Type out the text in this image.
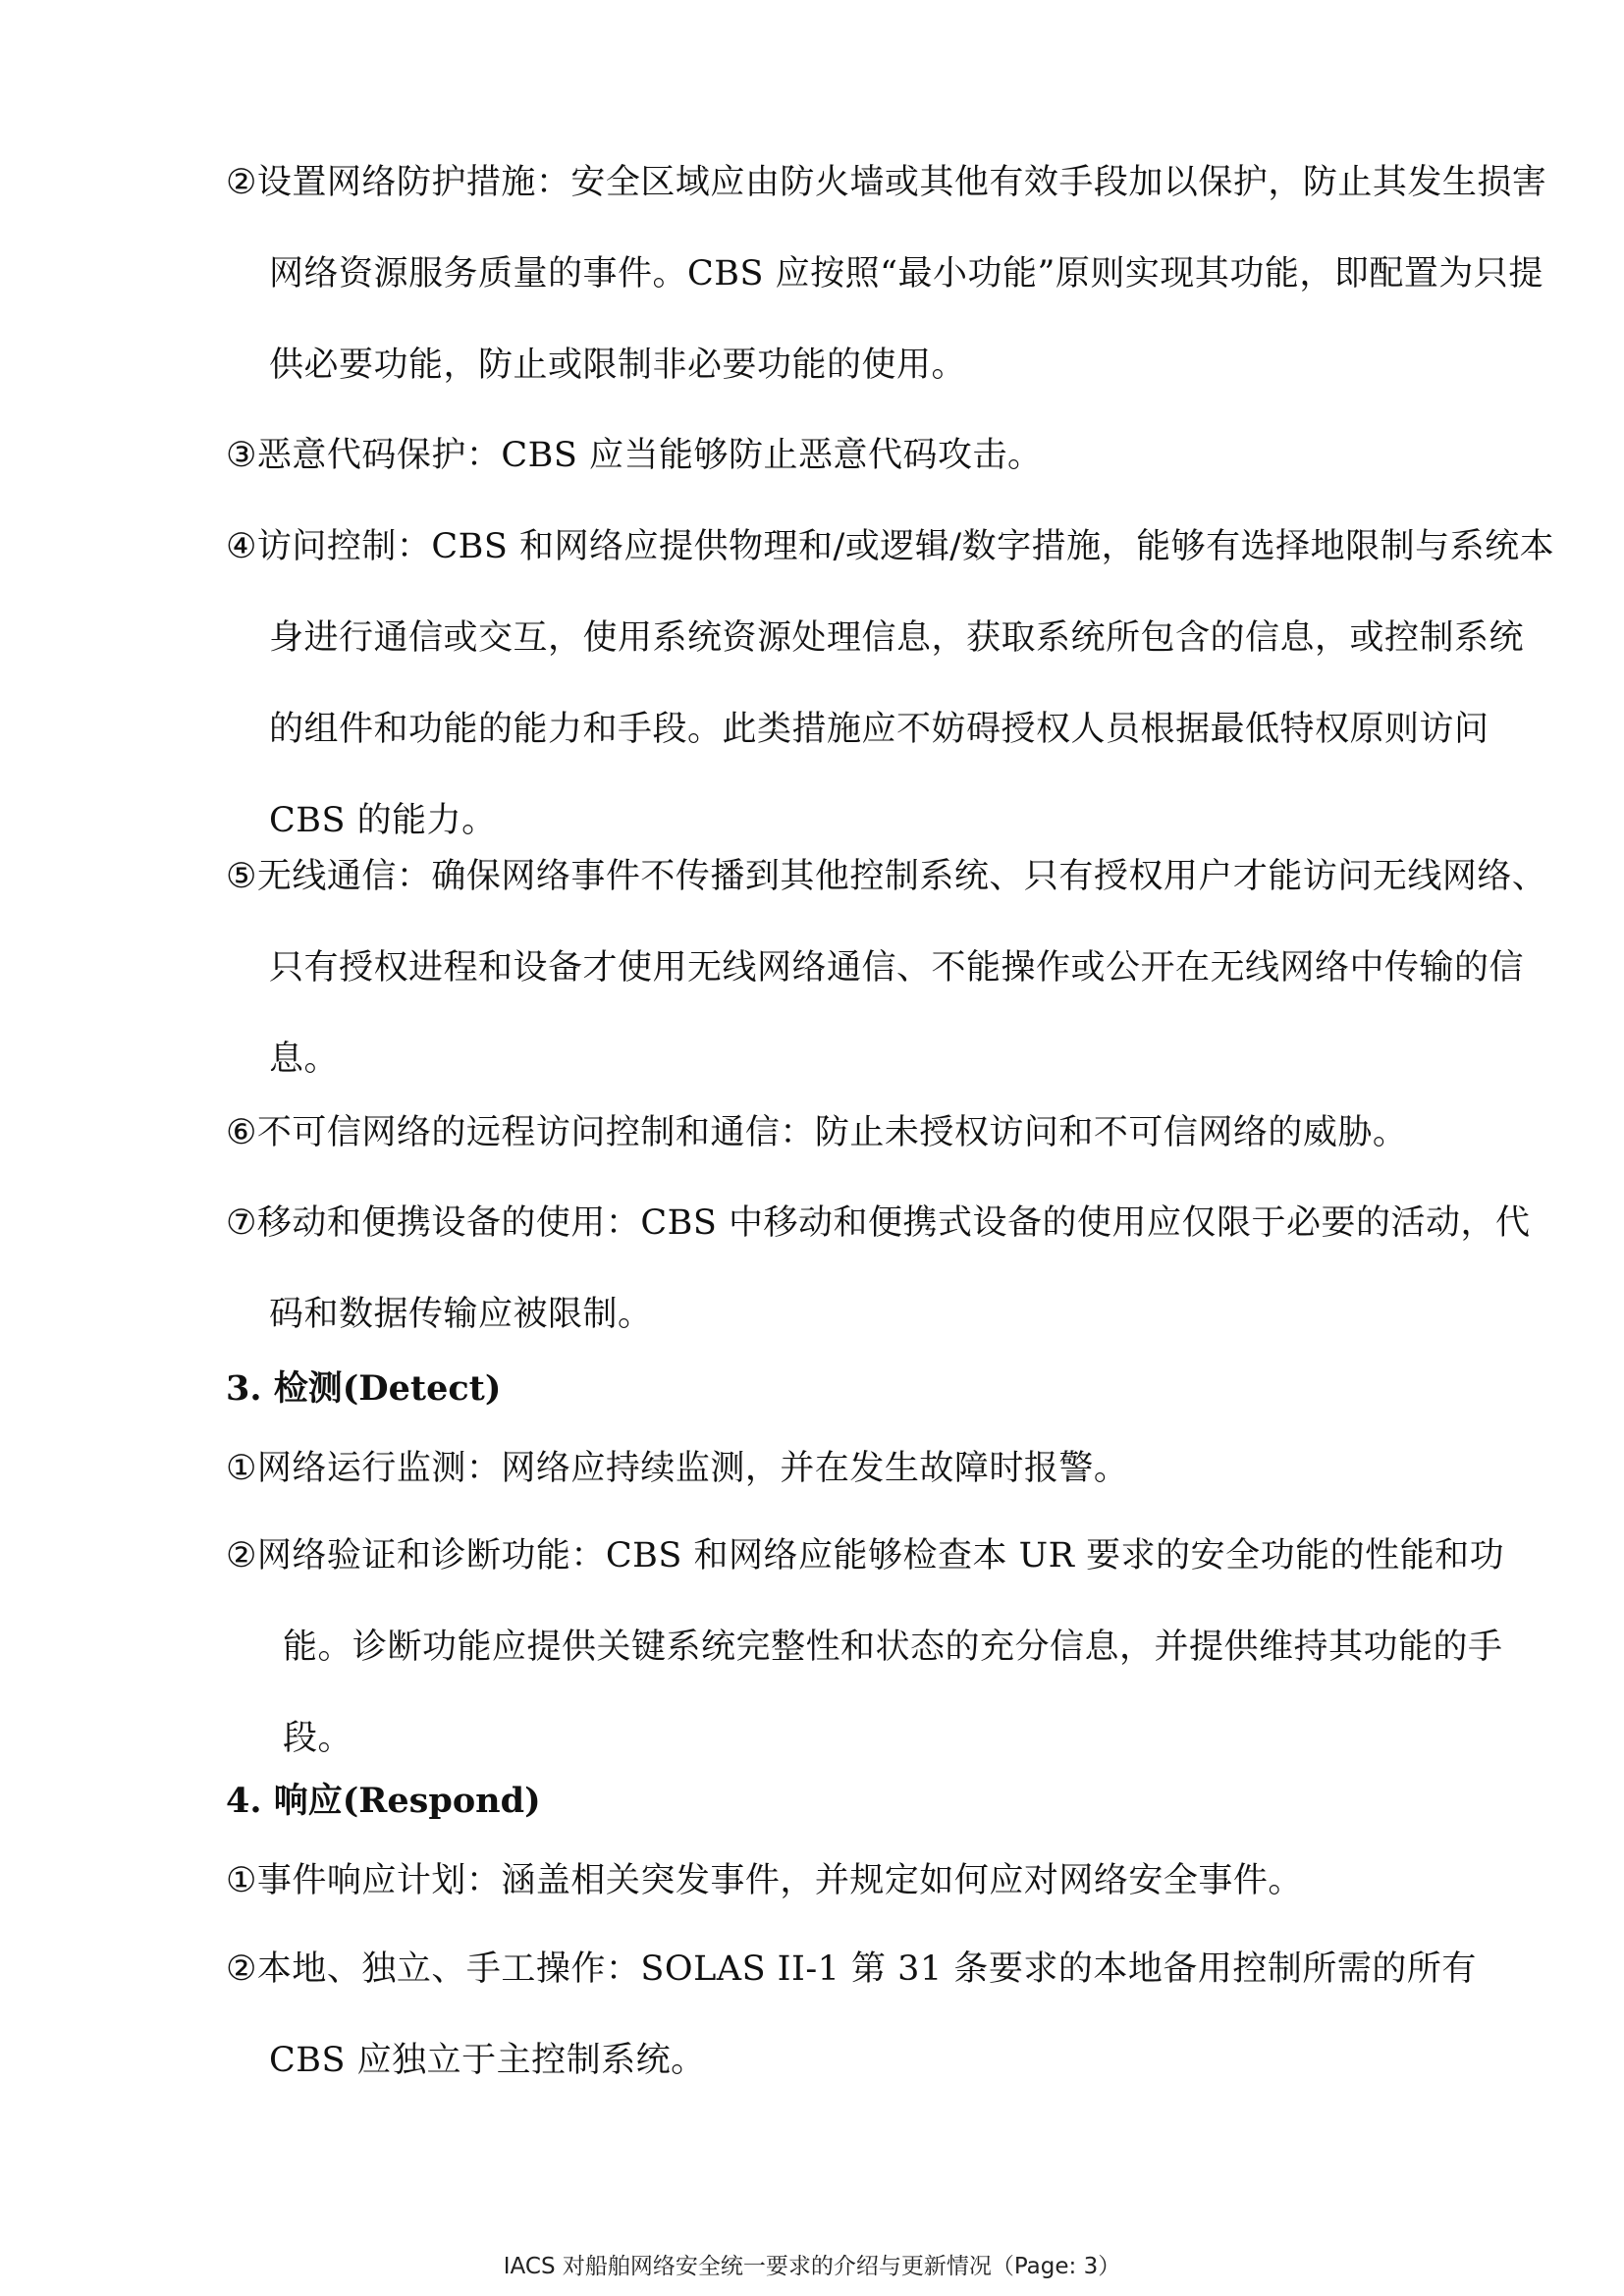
②设置网络防护措施：安全区域应由防火墙或其他有效手段加以保护，防止其发生损害网络资源服务质量的事件。CBS 应按照“最小功能”原则实现其功能，即配置为只提供必要功能，防止或限制非必要功能的使用。
③恶意代码保护：CBS 应当能够防止恶意代码攻击。
④访问控制：CBS 和网络应提供物理和/或逻辑/数字措施，能够有选择地限制与系统本身进行通信或交互，使用系统资源处理信息，获取系统所包含的信息，或控制系统的组件和功能的能力和手段。此类措施应不妨碍授权人员根据最低特权原则访问 CBS 的能力。
⑤无线通信：确保网络事件不传播到其他控制系统、只有授权用户才能访问无线网络、只有授权进程和设备才使用无线网络通信、不能操作或公开在无线网络中传输的信息。
⑥不可信网络的远程访问控制和通信：防止未授权访问和不可信网络的威胁。
⑦移动和便携设备的使用：CBS 中移动和便携式设备的使用应仅限于必要的活动，代码和数据传输应被限制。
3. 检测(Detect)
①网络运行监测：网络应持续监测，并在发生故障时报警。
②网络验证和诊断功能：CBS 和网络应能够检查本 UR 要求的安全功能的性能和功能。诊断功能应提供关键系统完整性和状态的充分信息，并提供维持其功能的手段。
4. 响应(Respond)
①事件响应计划：涵盖相关突发事件，并规定如何应对网络安全事件。
②本地、独立、手工操作：SOLAS II-1 第 31 条要求的本地备用控制所需的所有 CBS 应独立于主控制系统。
IACS 对船舶网络安全统一要求的介绍与更新情况（Page: 3）
